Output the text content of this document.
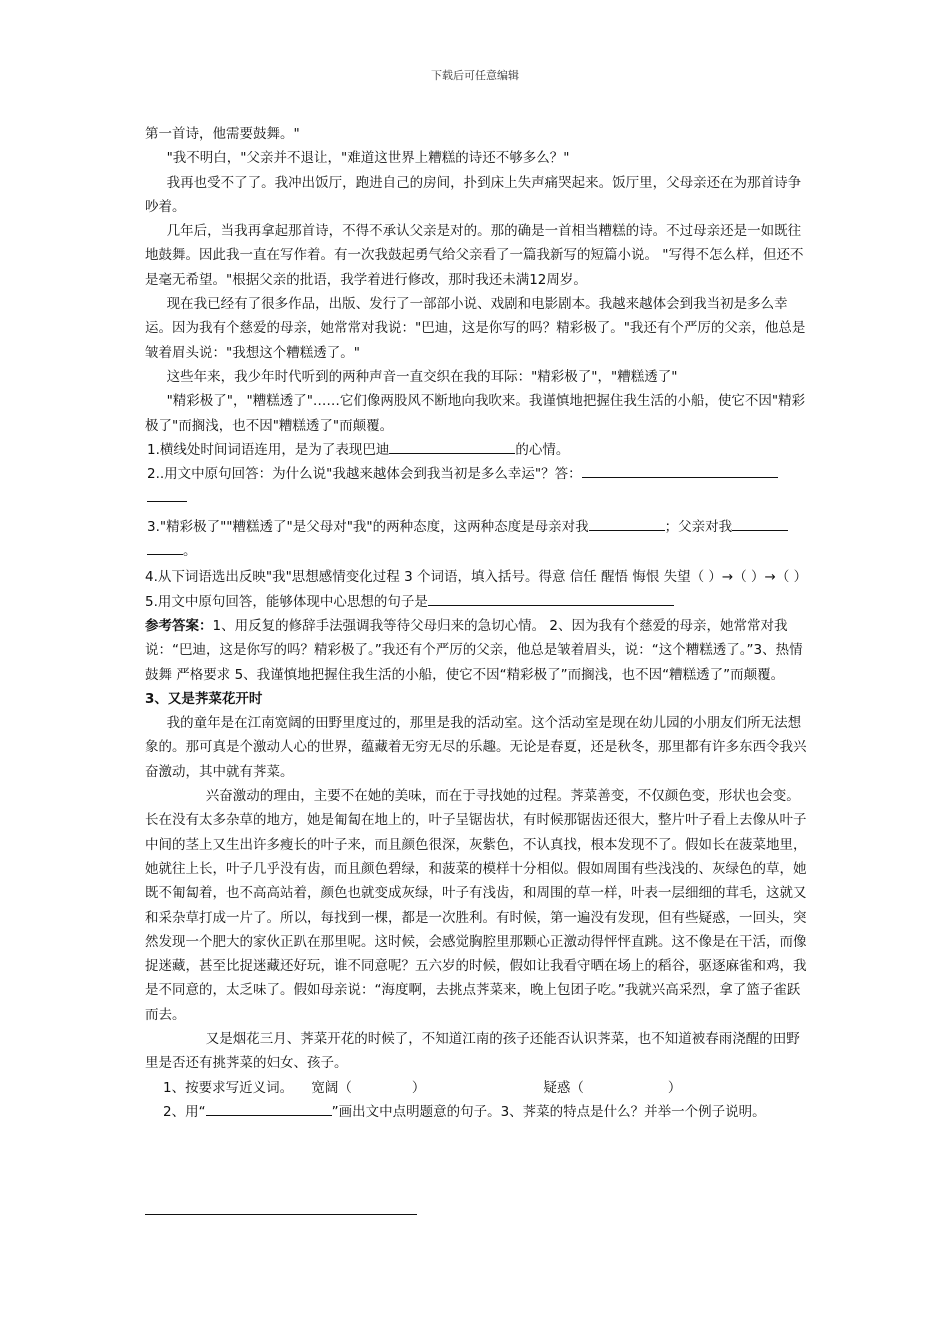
下载后可任意编辑

第一首诗，他需要鼓舞。"

"我不明白，"父亲并不退让，"难道这世界上糟糕的诗还不够多么？"

我再也受不了了。我冲出饭厅，跑进自己的房间，扑到床上失声痛哭起来。饭厅里，父母亲还在为那首诗争吵着。

几年后，当我再拿起那首诗，不得不承认父亲是对的。那的确是一首相当糟糕的诗。不过母亲还是一如既往地鼓舞。因此我一直在写作着。有一次我鼓起勇气给父亲看了一篇我新写的短篇小说。 "写得不怎么样，但还不是毫无希望。"根据父亲的批语，我学着进行修改，那时我还未满12周岁。

现在我已经有了很多作品，出版、发行了一部部小说、戏剧和电影剧本。我越来越体会到我当初是多么幸运。因为我有个慈爱的母亲，她常常对我说："巴迪，这是你写的吗？精彩极了。"我还有个严厉的父亲，他总是皱着眉头说："我想这个糟糕透了。"

这些年来，我少年时代听到的两种声音一直交织在我的耳际："精彩极了"，"糟糕透了"

"精彩极了"，"糟糕透了"……它们像两股风不断地向我吹来。我谨慎地把握住我生活的小船，使它不因"精彩极了"而搁浅，也不因"糟糕透了"而颠覆。

1.横线处时间词语连用，是为了表现巴迪	的心情。

2..用文中原句回答：为什么说"我越来越体会到我当初是多么幸运"？答：

3."精彩极了""糟糕透了"是父母对"我"的两种态度，这两种态度是母亲对我	；父亲对我
。

4.从下词语选出反映"我"思想感情变化过程 3 个词语，填入括号。得意 信任 醒悟 悔恨 失望（ ）→（ ）→（ ）

5.用文中原句回答，能够体现中心思想的句子是

参考答案：1、用反复的修辞手法强调我等待父母归来的急切心情。 2、因为我有个慈爱的母亲，她常常对我说：“巴迪，这是你写的吗？精彩极了。”我还有个严厉的父亲，他总是皱着眉头，说：“这个糟糕透了。”3、热情鼓舞 严格要求 5、我谨慎地把握住我生活的小船，使它不因“精彩极了”而搁浅，也不因“糟糕透了”而颠覆。

3、又是荠菜花开时

我的童年是在江南宽阔的田野里度过的，那里是我的活动室。这个活动室是现在幼儿园的小朋友们所无法想象的。那可真是个激动人心的世界，蕴藏着无穷无尽的乐趣。无论是春夏，还是秋冬，那里都有许多东西令我兴奋激动，其中就有荠菜。

兴奋激动的理由，主要不在她的美味，而在于寻找她的过程。荠菜善变，不仅颜色变，形状也会变。长在没有太多杂草的地方，她是匍匐在地上的，叶子呈锯齿状，有时候那锯齿还很大，整片叶子看上去像从叶子中间的茎上又生出许多瘦长的叶子来，而且颜色很深，灰紫色，不认真找，根本发现不了。假如长在菠菜地里，她就往上长，叶子几乎没有齿，而且颜色碧绿，和菠菜的模样十分相似。假如周围有些浅浅的、灰绿色的草，她既不匍匐着，也不高高站着，颜色也就变成灰绿，叶子有浅齿，和周围的草一样，叶表一层细细的茸毛，这就又和采杂草打成一片了。所以，每找到一棵，都是一次胜利。有时候，第一遍没有发现，但有些疑惑，一回头，突然发现一个肥大的家伙正趴在那里呢。这时候，会感觉胸腔里那颗心正激动得怦怦直跳。这不像是在干活，而像捉迷藏，甚至比捉迷藏还好玩，谁不同意呢？五六岁的时候，假如让我看守晒在场上的稻谷，驱逐麻雀和鸡，我是不同意的，太乏味了。假如母亲说：“海度啊，去挑点荠菜来，晚上包团子吃。”我就兴高采烈，拿了篮子雀跃而去。

又是烟花三月、荠菜开花的时候了，不知道江南的孩子还能否认识荠菜，也不知道被春雨浇醒的田野里是否还有挑荠菜的妇女、孩子。

1、按要求写近义词。 宽阔（	）	疑惑（	）

2、用“	”画出文中点明题意的句子。3、荠菜的特点是什么？并举一个例子说明。
